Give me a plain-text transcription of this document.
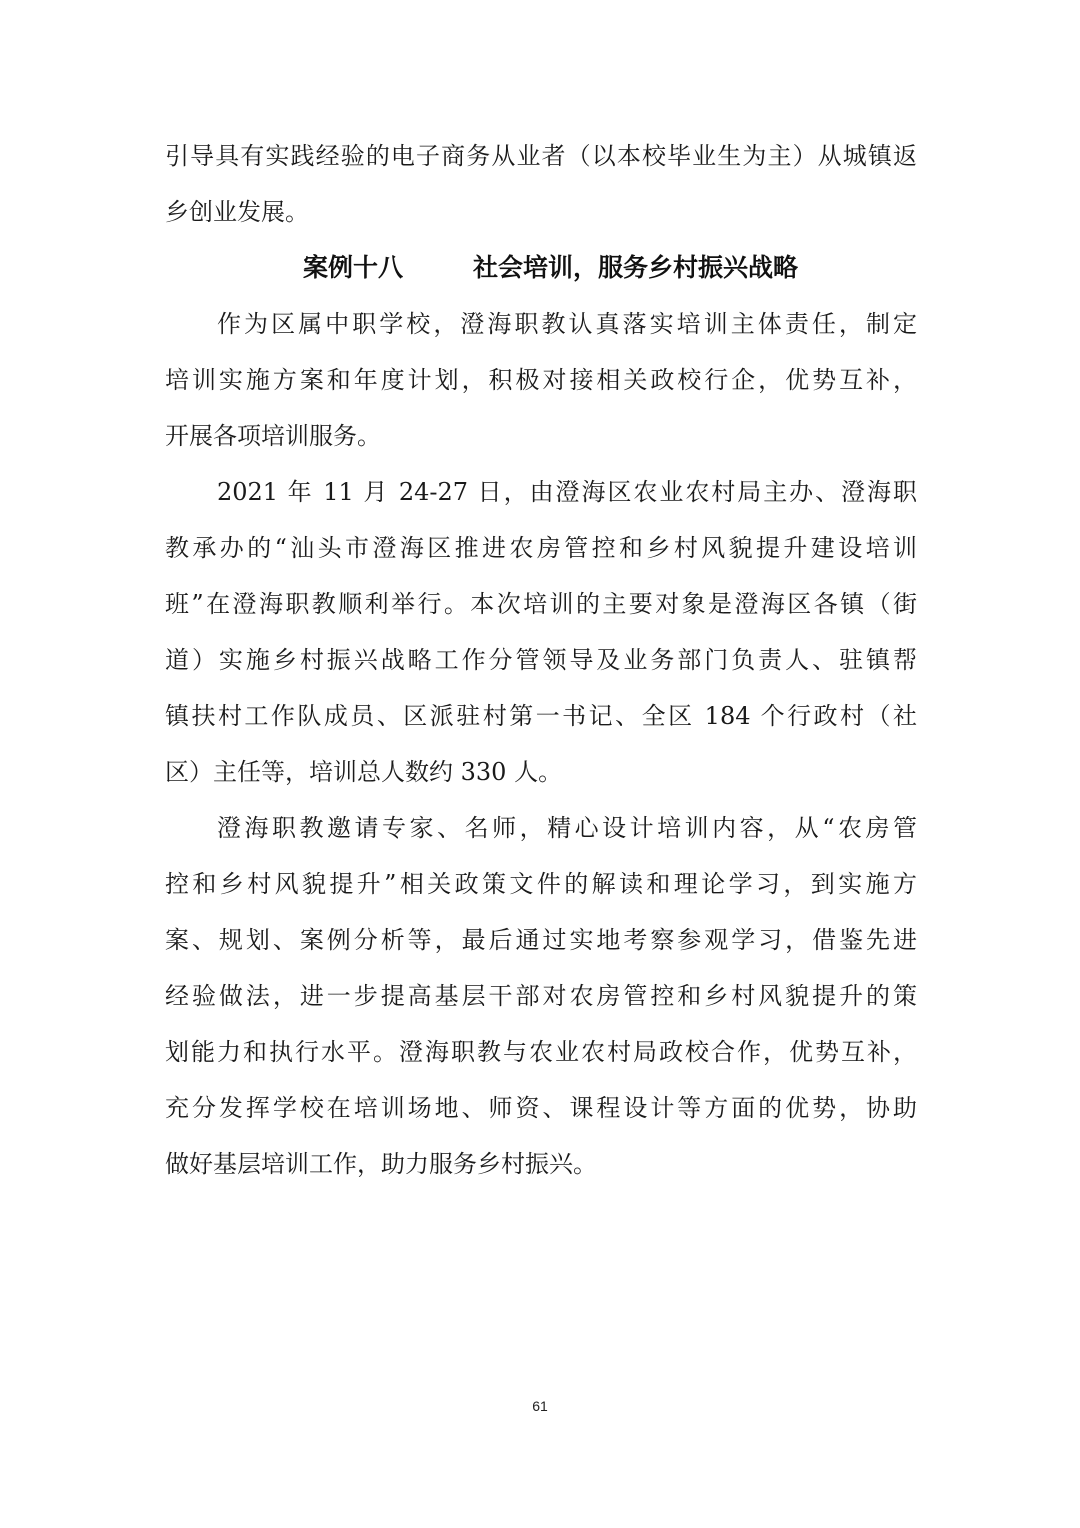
引导具有实践经验的电子商务从业者（以本校毕业生为主）从城镇返
乡创业发展。
案例十八	社会培训，服务乡村振兴战略
作为区属中职学校，澄海职教认真落实培训主体责任，制定
培训实施方案和年度计划，积极对接相关政校行企，优势互补，
开展各项培训服务。
2021 年 11 月 24-27 日，由澄海区农业农村局主办、澄海职
教承办的“汕头市澄海区推进农房管控和乡村风貌提升建设培训
班”在澄海职教顺利举行。本次培训的主要对象是澄海区各镇（街
道）实施乡村振兴战略工作分管领导及业务部门负责人、驻镇帮
镇扶村工作队成员、区派驻村第一书记、全区 184 个行政村（社
区）主任等，培训总人数约 330 人。
澄海职教邀请专家、名师，精心设计培训内容，从“农房管
控和乡村风貌提升”相关政策文件的解读和理论学习，到实施方
案、规划、案例分析等，最后通过实地考察参观学习，借鉴先进
经验做法，进一步提高基层干部对农房管控和乡村风貌提升的策
划能力和执行水平。澄海职教与农业农村局政校合作，优势互补，
充分发挥学校在培训场地、师资、课程设计等方面的优势，协助
做好基层培训工作，助力服务乡村振兴。
61
